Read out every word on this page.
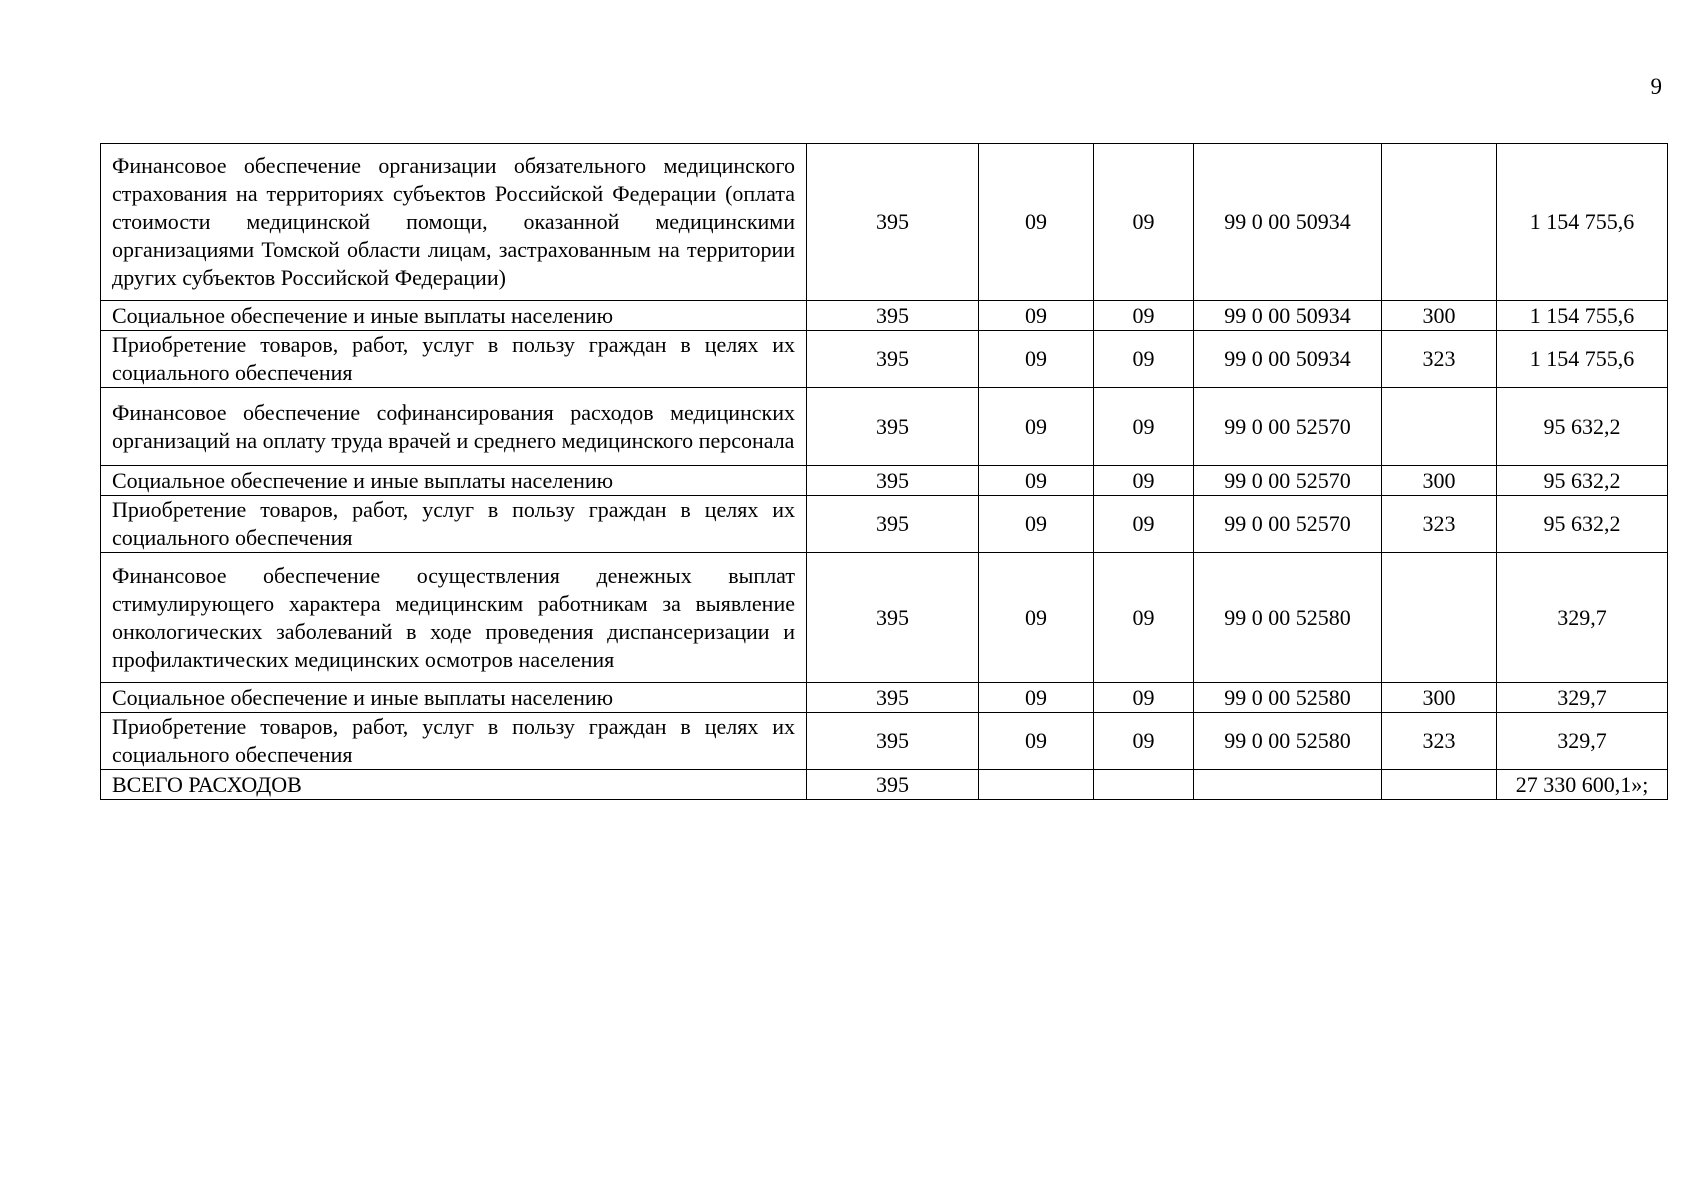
9
Финансовое обеспечение организации обязательного медицинского страхования на территориях субъектов Российской Федерации (оплата стоимости медицинской помощи, оказанной медицинскими организациями Томской области лицам, застрахованным на территории других субъектов Российской Федерации)	395	09	09	99 0 00 50934		1 154 755,6
Социальное обеспечение и иные выплаты населению	395	09	09	99 0 00 50934	300	1 154 755,6
Приобретение товаров, работ, услуг в пользу граждан в целях их социального обеспечения	395	09	09	99 0 00 50934	323	1 154 755,6
Финансовое обеспечение софинансирования расходов медицинских организаций на оплату труда врачей и среднего медицинского персонала	395	09	09	99 0 00 52570		95 632,2
Социальное обеспечение и иные выплаты населению	395	09	09	99 0 00 52570	300	95 632,2
Приобретение товаров, работ, услуг в пользу граждан в целях их социального обеспечения	395	09	09	99 0 00 52570	323	95 632,2
Финансовое обеспечение осуществления денежных выплат стимулирующего характера медицинским работникам за выявление онкологических заболеваний в ходе проведения диспансеризации и профилактических медицинских осмотров населения	395	09	09	99 0 00 52580		329,7
Социальное обеспечение и иные выплаты населению	395	09	09	99 0 00 52580	300	329,7
Приобретение товаров, работ, услуг в пользу граждан в целях их социального обеспечения	395	09	09	99 0 00 52580	323	329,7
ВСЕГО РАСХОДОВ	395					27 330 600,1»;
